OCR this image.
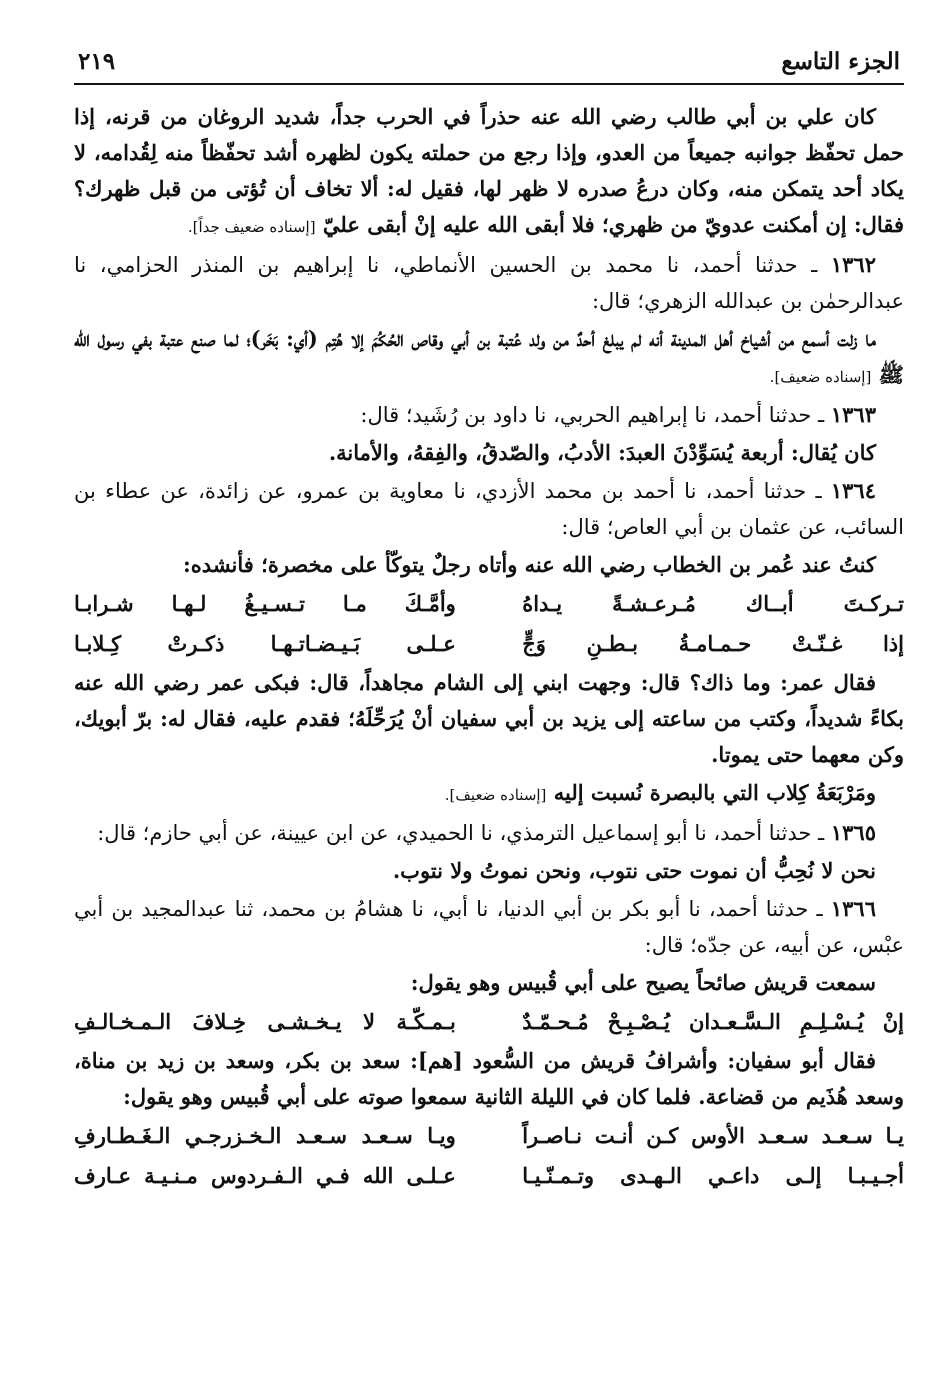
الجزء التاسع
٢١٩

كان علي بن أبي طالب رضي الله عنه حذراً في الحرب جداً، شديد الروغان من قرنه، إذا حمل تحفّظ جوانبه جميعاً من العدو، وإذا رجع من حملته يكون لظهره أشد تحفّظاً منه لِقُدامه، لا يكاد أحد يتمكن منه، وكان درعُ صدره لا ظهر لها، فقيل له: ألا تخاف أن تُؤتى من قبل ظهرك؟ فقال: إن أمكنت عدويّ من ظهري؛ فلا أبقى الله عليه إنْ أبقى عليّ [إسناده ضعيف جداً].

١٣٦٢ ـ حدثنا أحمد، نا محمد بن الحسين الأنماطي، نا إبراهيم بن المنذر الحزامي، نا عبدالرحمٰن بن عبدالله الزهري؛ قال:

ما زلت أسمع من أشياخ أهل المدينة أنه لم يبلغ أحدٌ من ولد عُتبة بن أبي وقاص الحُكُمَ إلا هُتِم (أي: بَخَر)؛ لما صنع عتبة بفي رسول الله ﷺ [إسناده ضعيف].

١٣٦٣ ـ حدثنا أحمد، نا إبراهيم الحربي، نا داود بن رُشَيد؛ قال:

كان يُقال: أربعة يُسَوِّدْنَ العبدَ: الأدبُ، والصّدقُ، والفِقهُ، والأمانة.

١٣٦٤ ـ حدثنا أحمد، نا أحمد بن محمد الأزدي، نا معاوية بن عمرو، عن زائدة، عن عطاء بن السائب، عن عثمان بن أبي العاص؛ قال:

كنتُ عند عُمر بن الخطاب رضي الله عنه وأتاه رجلٌ يتوكّأ على مخصرة؛ فأنشده:

تـركـتَ أبــاك مُـرعـشـةً يـداهُ
وأمَّـكَ مـا تـسـيـغُ لـهـا شـرابـا
إذا غـنّـتْ حـمـامـةُ بـطـنِ وَجٍّ
عـلـى بَـيـضـاتـهـا ذكـرتْ كِـلابـا

فقال عمر: وما ذاك؟ قال: وجهت ابني إلى الشام مجاهداً، قال: فبكى عمر رضي الله عنه بكاءً شديداً، وكتب من ساعته إلى يزيد بن أبي سفيان أنْ يُرَحِّلَهُ؛ فقدم عليه، فقال له: برّ أبويك، وكن معهما حتى يموتا.

ومَرْبَعَةُ كِلاب التي بالبصرة نُسبت إليه [إسناده ضعيف].

١٣٦٥ ـ حدثنا أحمد، نا أبو إسماعيل الترمذي، نا الحميدي، عن ابن عيينة، عن أبي حازم؛ قال:

نحن لا نُحِبُّ أن نموت حتى نتوب، ونحن نموتُ ولا نتوب.

١٣٦٦ ـ حدثنا أحمد، نا أبو بكر بن أبي الدنيا، نا أبي، نا هشامُ بن محمد، ثنا عبدالمجيد بن أبي عبْس، عن أبيه، عن جدّه؛ قال:

سمعت قريش صائحاً يصيح على أبي قُبيس وهو يقول:

إنْ يُـسْـلِـمِ الـسَّـعـدان يُـصْـبِـحْ مُـحـمّـدٌ
بـمـكّـة لا يـخـشـى خِـلافَ الـمـخـالـفِ

فقال أبو سفيان: وأشرافُ قريش من السُّعود [هم]: سعد بن بكر، وسعد بن زيد بن مناة، وسعد هُذَيم من قضاعة. فلما كان في الليلة الثانية سمعوا صوته على أبي قُبيس وهو يقول:

يـا سـعـد سـعـد الأوس كـن أنـت نـاصـراً
ويـا سـعـد سـعـد الـخـزرجـي الـغَـطـارفِ
أجـيـبـا إلـى داعـي الـهـدى وتـمـنّـيـا
عـلـى الله فـي الـفـردوس مـنـيـة عـارف
